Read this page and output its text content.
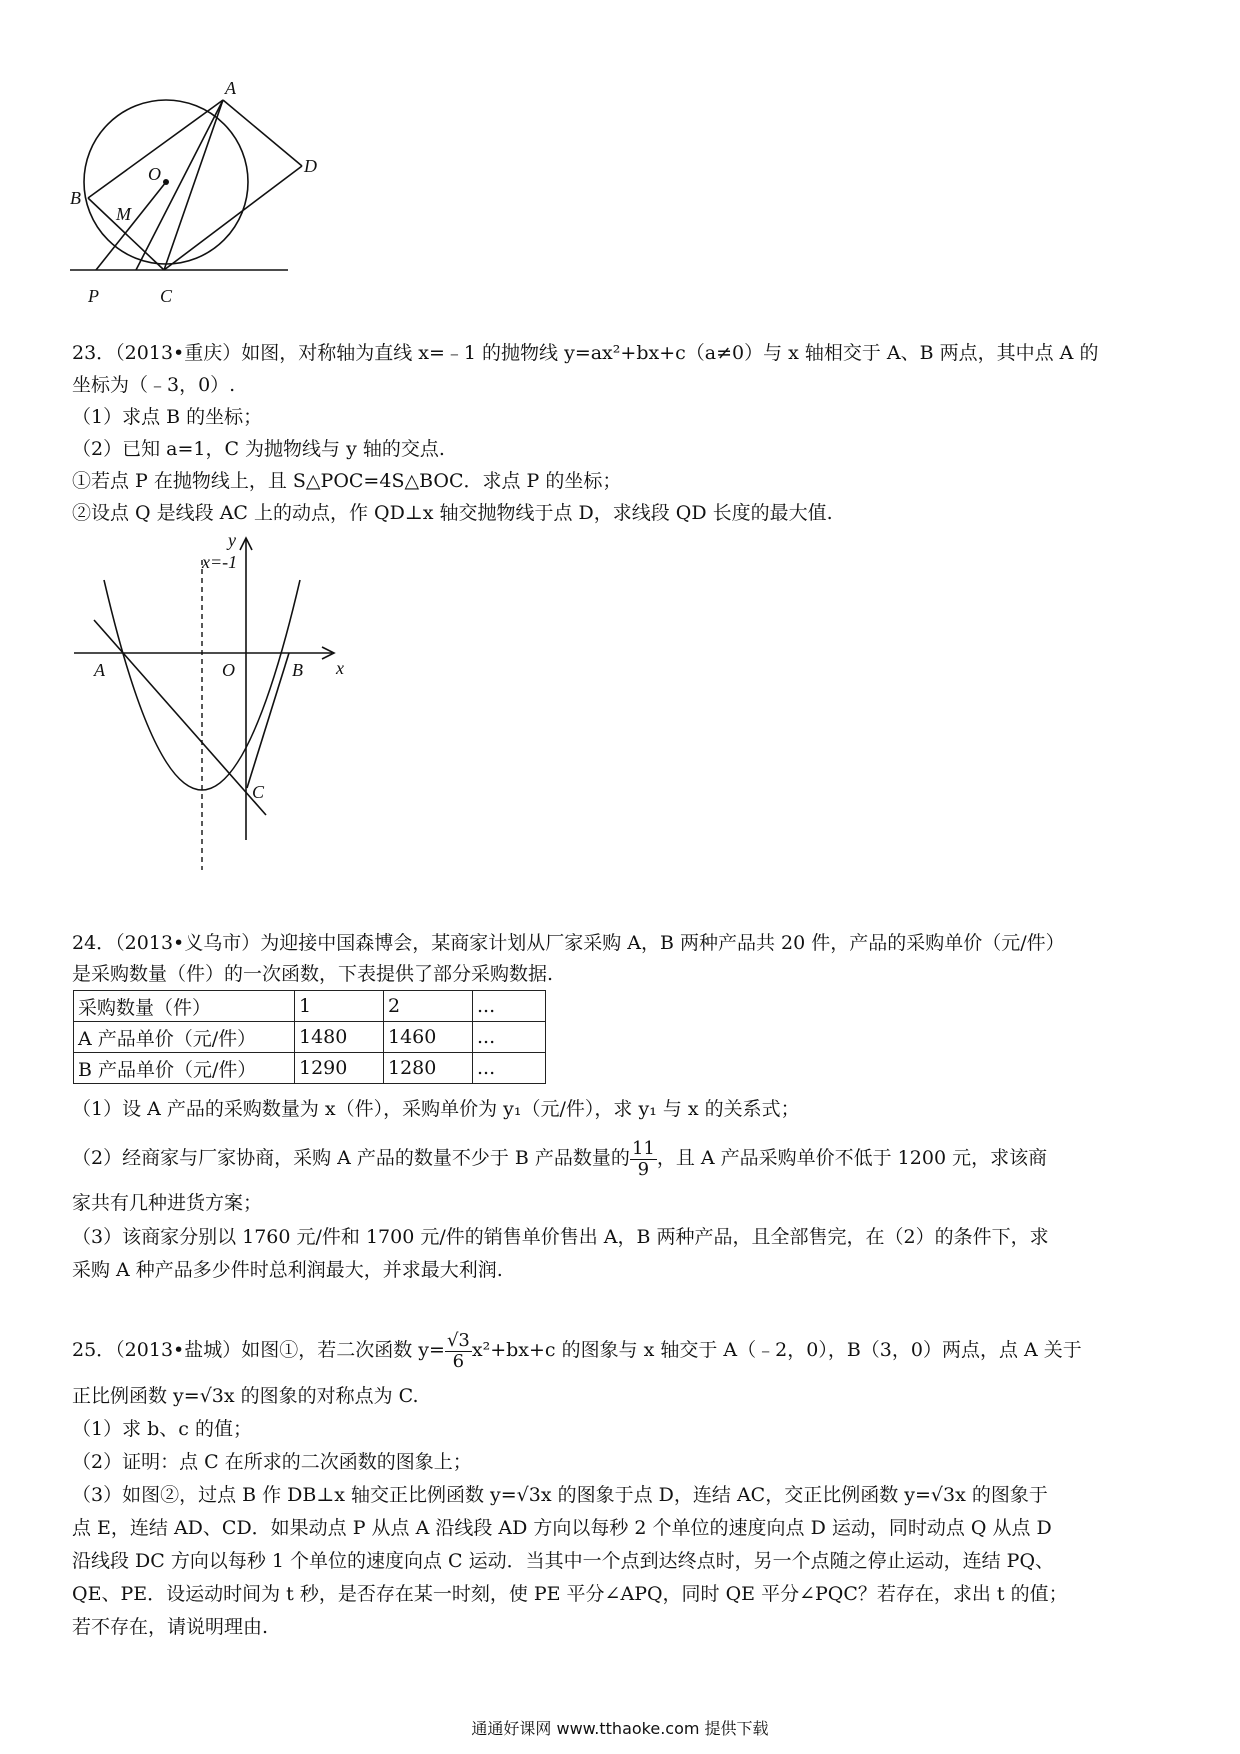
A
B
O	D
M
P	C
23．（2013•重庆）如图，对称轴为直线 x=﹣1 的抛物线 y=ax²+bx+c（a≠0）与 x 轴相交于 A、B 两点，其中点 A 的
坐标为（﹣3，0）.
（1）求点 B 的坐标；
（2）已知 a=1，C 为抛物线与 y 轴的交点.
①若点 P 在抛物线上，且 S△POC=4S△BOC．求点 P 的坐标；
②设点 Q 是线段 AC 上的动点，作 QD⊥x 轴交抛物线于点 D，求线段 QD 长度的最大值.
x=-1
y
x
A	O	B
C
24．（2013•义乌市）为迎接中国森博会，某商家计划从厂家采购 A，B 两种产品共 20 件，产品的采购单价（元/件）
是采购数量（件）的一次函数，下表提供了部分采购数据.
采购数量（件）	1	2	...
A 产品单价（元/件）	1480	1460	...
B 产品单价（元/件）	1290	1280	...
（1）设 A 产品的采购数量为 x（件），采购单价为 y₁（元/件），求 y₁ 与 x 的关系式；
（2）经商家与厂家协商，采购 A 产品的数量不少于 B 产品数量的 $\frac{11}{9}$ ，且 A 产品采购单价不低于 1200 元，求该商
家共有几种进货方案；
（3）该商家分别以 1760 元/件和 1700 元/件的销售单价售出 A，B 两种产品，且全部售完，在（2）的条件下，求
采购 A 种产品多少件时总利润最大，并求最大利润.
25．（2013•盐城）如图①，若二次函数 $y= \frac{√3}{6} x^2+bx+c$ 的图象与 x 轴交于 A（﹣2，0），B（3，0）两点，点 A 关于
正比例函数 y=√3x 的图象的对称点为 C.
（1）求 b、c 的值；
（2）证明：点 C 在所求的二次函数的图象上；
（3）如图②，过点 B 作 DB⊥x 轴交正比例函数 y=√3x 的图象于点 D，连结 AC，交正比例函数 y=√3x 的图象于
点 E，连结 AD、CD．如果动点 P 从点 A 沿线段 AD 方向以每秒 2 个单位的速度向点 D 运动，同时动点 Q 从点 D
沿线段 DC 方向以每秒 1 个单位的速度向点 C 运动．当其中一个点到达终点时，另一个点随之停止运动，连结 PQ、
QE、PE．设运动时间为 t 秒，是否存在某一时刻，使 PE 平分∠APQ，同时 QE 平分∠PQC？若存在，求出 t 的值；
若不存在，请说明理由.
通通好课网 www.tthaoke.com 提供下载
